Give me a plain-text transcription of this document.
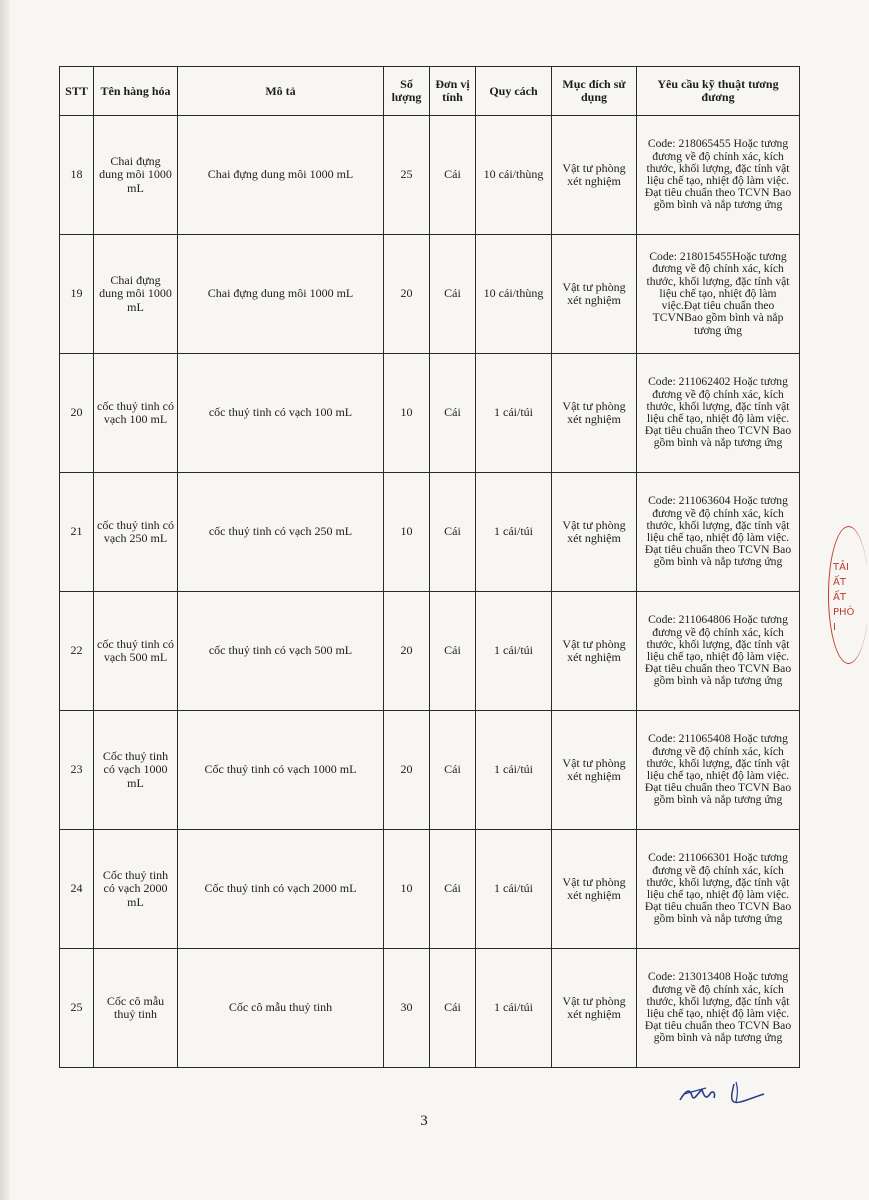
STT	Tên hàng hóa	Mô tả	Số lượng	Đơn vị tính	Quy cách	Mục đích sử dụng	Yêu cầu kỹ thuật tương đương
18	Chai đựng dung môi 1000 mL	Chai đựng dung môi 1000 mL	25	Cái	10 cái/thùng	Vật tư phòng xét nghiệm	Code: 218065455 Hoặc tương đương về độ chính xác, kích thước, khối lượng, đặc tính vật liệu chế tạo, nhiệt độ làm việc. Đạt tiêu chuẩn theo TCVN Bao gồm bình và nắp tương ứng
19	Chai đựng dung môi 1000 mL	Chai đựng dung môi 1000 mL	20	Cái	10 cái/thùng	Vật tư phòng xét nghiệm	Code: 218015455Hoặc tương đương về độ chính xác, kích thước, khối lượng, đặc tính vật liệu chế tạo, nhiệt độ làm việc.Đạt tiêu chuẩn theo TCVNBao gồm bình và nắp tương ứng
20	cốc thuỷ tinh có vạch 100 mL	cốc thuỷ tinh có vạch 100 mL	10	Cái	1 cái/túi	Vật tư phòng xét nghiệm	Code: 211062402 Hoặc tương đương về độ chính xác, kích thước, khối lượng, đặc tính vật liệu chế tạo, nhiệt độ làm việc. Đạt tiêu chuẩn theo TCVN Bao gồm bình và nắp tương ứng
21	cốc thuỷ tinh có vạch 250 mL	cốc thuỷ tinh có vạch 250 mL	10	Cái	1 cái/túi	Vật tư phòng xét nghiệm	Code: 211063604 Hoặc tương đương về độ chính xác, kích thước, khối lượng, đặc tính vật liệu chế tạo, nhiệt độ làm việc. Đạt tiêu chuẩn theo TCVN Bao gồm bình và nắp tương ứng
22	cốc thuỷ tinh có vạch 500 mL	cốc thuỷ tinh có vạch 500 mL	20	Cái	1 cái/túi	Vật tư phòng xét nghiệm	Code: 211064806 Hoặc tương đương về độ chính xác, kích thước, khối lượng, đặc tính vật liệu chế tạo, nhiệt độ làm việc. Đạt tiêu chuẩn theo TCVN Bao gồm bình và nắp tương ứng
23	Cốc thuỷ tinh có vạch 1000 mL	Cốc thuỷ tinh có vạch 1000 mL	20	Cái	1 cái/túi	Vật tư phòng xét nghiệm	Code: 211065408 Hoặc tương đương về độ chính xác, kích thước, khối lượng, đặc tính vật liệu chế tạo, nhiệt độ làm việc. Đạt tiêu chuẩn theo TCVN Bao gồm bình và nắp tương ứng
24	Cốc thuỷ tinh có vạch 2000 mL	Cốc thuỷ tinh có vạch 2000 mL	10	Cái	1 cái/túi	Vật tư phòng xét nghiệm	Code: 211066301 Hoặc tương đương về độ chính xác, kích thước, khối lượng, đặc tính vật liệu chế tạo, nhiệt độ làm việc. Đạt tiêu chuẩn theo TCVN Bao gồm bình và nắp tương ứng
25	Cốc cô mẫu thuỷ tinh	Cốc cô mẫu thuỷ tinh	30	Cái	1 cái/túi	Vật tư phòng xét nghiệm	Code: 213013408 Hoặc tương đương về độ chính xác, kích thước, khối lượng, đặc tính vật liệu chế tạo, nhiệt độ làm việc. Đạt tiêu chuẩn theo TCVN Bao gồm bình và nắp tương ứng
TẢI
ẤT
ẤT
PHÒ
I
3
